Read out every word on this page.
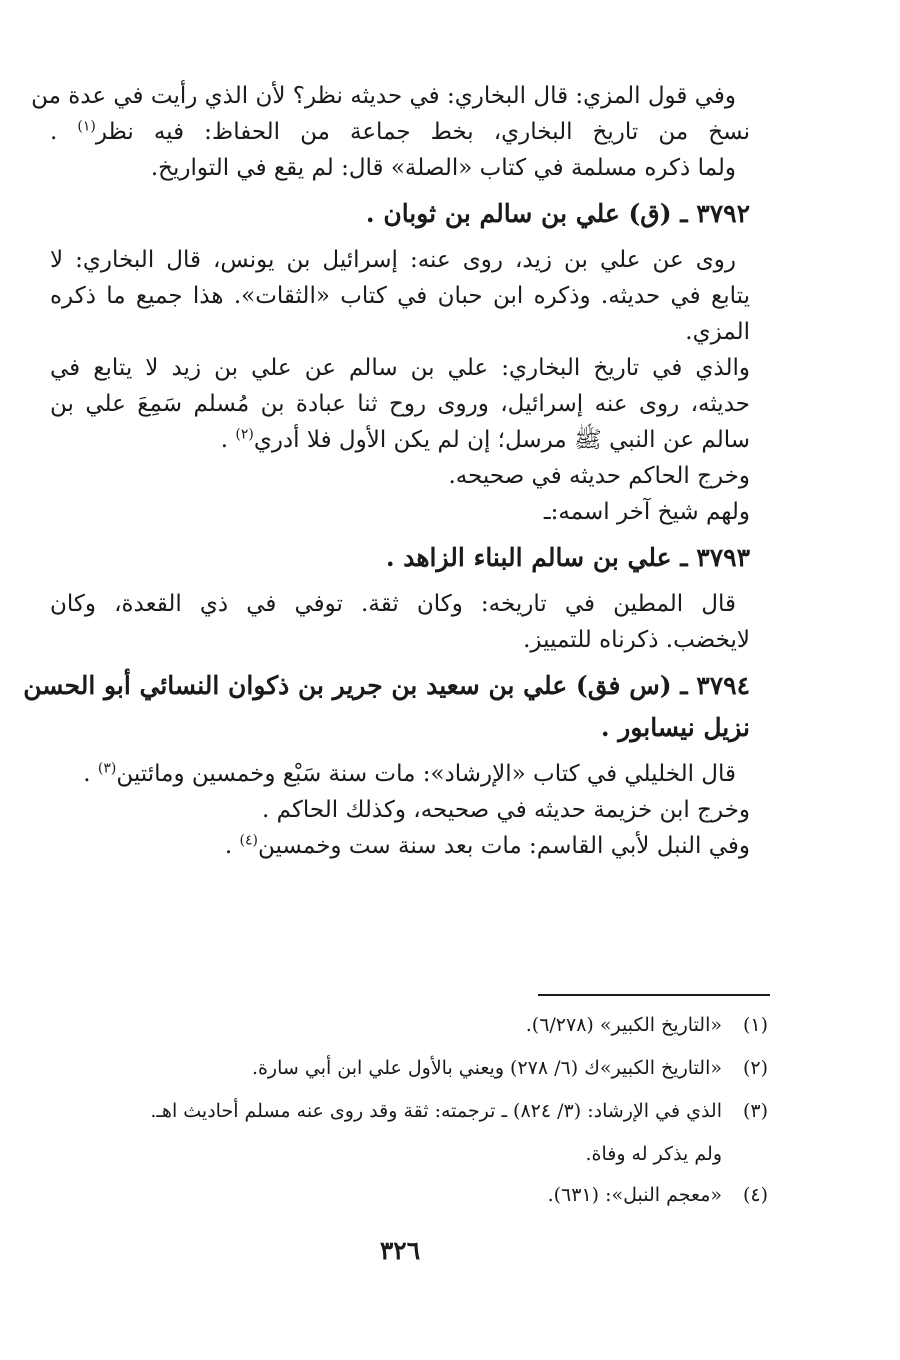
وفي قول المزي: قال البخاري: في حديثه نظر؟ لأن الذي رأيت في عدة من
نسخ من تاريخ البخاري، بخط جماعة من الحفاظ: فيه نظر$^{(١)}$ .
ولما ذكره مسلمة في كتاب «الصلة» قال: لم يقع في التواريخ.
٣٧٩٢ ـ (ق) علي بن سالم بن ثوبان .
روى عن علي بن زيد، روى عنه: إسرائيل بن يونس، قال البخاري: لا
يتابع في حديثه. وذكره ابن حبان في كتاب «الثقات». هذا جميع ما ذكره
المزي.
والذي في تاريخ البخاري: علي بن سالم عن علي بن زيد لا يتابع في
حديثه، روى عنه إسرائيل، وروى روح ثنا عبادة بن مُسلم سَمِعَ علي بن
سالم عن النبي ﷺ مرسل؛ إن لم يكن الأول فلا أدري$^{(٢)}$ .
وخرج الحاكم حديثه في صحيحه.
ولهم شيخ آخر اسمه:ـ
٣٧٩٣ ـ علي بن سالم البناء الزاهد .
قال المطين في تاريخه: وكان ثقة. توفي في ذي القعدة، وكان
لايخضب. ذكرناه للتمييز.
٣٧٩٤ ـ (س فق) علي بن سعيد بن جرير بن ذكوان النسائي أبو الحسن
نزيل نيسابور .
قال الخليلي في كتاب «الإرشاد»: مات سنة سَبْع وخمسين ومائتين$^{(٣)}$ .
وخرج ابن خزيمة حديثه في صحيحه، وكذلك الحاكم .
وفي النبل لأبي القاسم: مات بعد سنة ست وخمسين$^{(٤)}$ .
(١)
«التاريخ الكبير» (٦/٢٧٨).
(٢)
«التاريخ الكبير»ك (٦/ ٢٧٨) ويعني بالأول علي ابن أبي سارة.
(٣)
الذي في الإرشاد: (٣/ ٨٢٤) ـ ترجمته: ثقة وقد روى عنه مسلم أحاديث اهـ.
ولم يذكر له وفاة.
(٤)
«معجم النبل»: (٦٣١).
٣٢٦
